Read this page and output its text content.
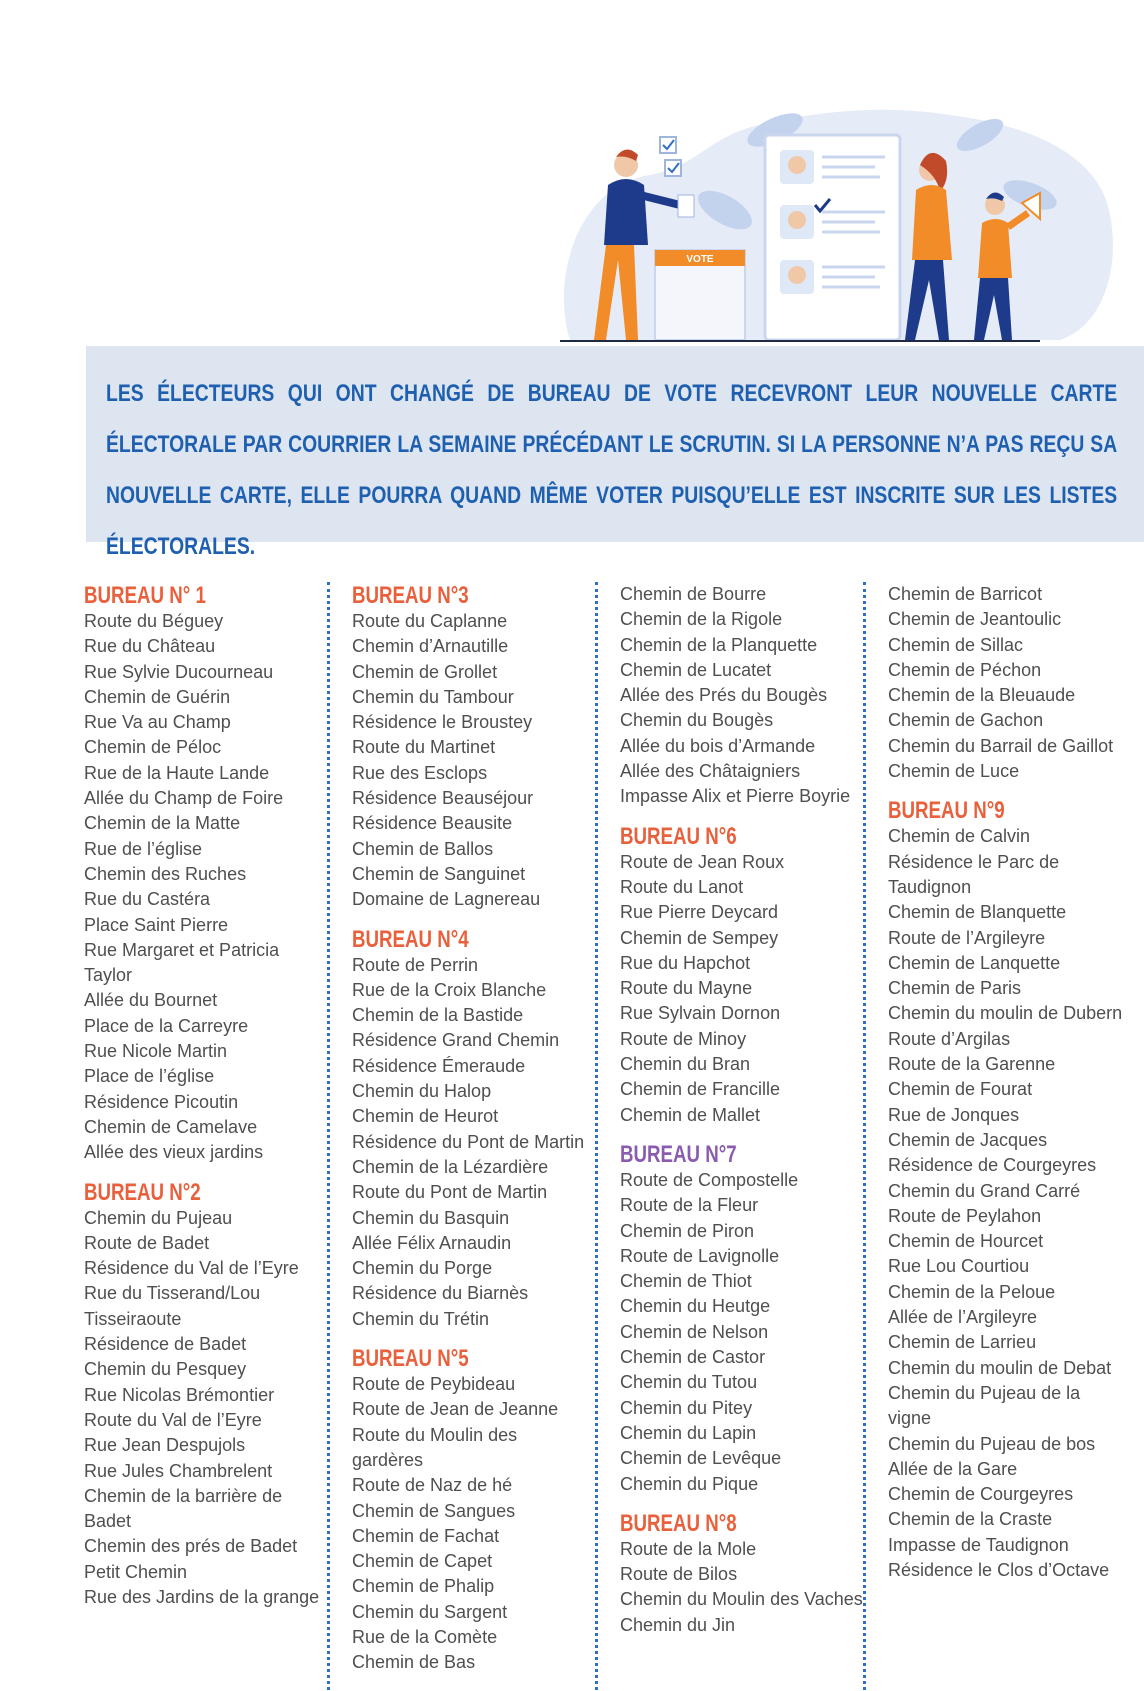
VOTE

LES ÉLECTEURS QUI ONT CHANGÉ DE BUREAU DE VOTE RECEVRONT LEUR NOUVELLE CARTE ÉLECTORALE PAR COURRIER LA SEMAINE PRÉCÉDANT LE SCRUTIN. SI LA PERSONNE N’A PAS REÇU SA NOUVELLE CARTE, ELLE POURRA QUAND MÊME VOTER PUISQU’ELLE EST INSCRITE SUR LES LISTES ÉLECTORALES.

BUREAU N° 1
Route du Béguey
Rue du Château
Rue Sylvie Ducourneau
Chemin de Guérin
Rue Va au Champ
Chemin de Péloc
Rue de la Haute Lande
Allée du Champ de Foire
Chemin de la Matte
Rue de l’église
Chemin des Ruches
Rue du Castéra
Place Saint Pierre
Rue Margaret et Patricia Taylor
Allée du Bournet
Place de la Carreyre
Rue Nicole Martin
Place de l’église
Résidence Picoutin
Chemin de Camelave
Allée des vieux jardins
BUREAU N°2
Chemin du Pujeau
Route de Badet
Résidence du Val de l’Eyre
Rue du Tisserand/Lou Tisseiraoute
Résidence de Badet
Chemin du Pesquey
Rue Nicolas Brémontier
Route du Val de l’Eyre
Rue Jean Despujols
Rue Jules Chambrelent
Chemin de la barrière de Badet
Chemin des prés de Badet
Petit Chemin
Rue des Jardins de la grange
BUREAU N°3
Route du Caplanne
Chemin d’Arnautille
Chemin de Grollet
Chemin du Tambour
Résidence le Broustey
Route du Martinet
Rue des Esclops
Résidence Beauséjour
Résidence Beausite
Chemin de Ballos
Chemin de Sanguinet
Domaine de Lagnereau
BUREAU N°4
Route de Perrin
Rue de la Croix Blanche
Chemin de la Bastide
Résidence Grand Chemin
Résidence Émeraude
Chemin du Halop
Chemin de Heurot
Résidence du Pont de Martin
Chemin de la Lézardière
Route du Pont de Martin
Chemin du Basquin
Allée Félix Arnaudin
Chemin du Porge
Résidence du Biarnès
Chemin du Trétin
BUREAU N°5
Route de Peybideau
Route de Jean de Jeanne
Route du Moulin des gardères
Route de Naz de hé
Chemin de Sangues
Chemin de Fachat
Chemin de Capet
Chemin de Phalip
Chemin du Sargent
Rue de la Comète
Chemin de Bas
Chemin de Bourre
Chemin de la Rigole
Chemin de la Planquette
Chemin de Lucatet
Allée des Prés du Bougès
Chemin du Bougès
Allée du bois d’Armande
Allée des Châtaigniers
Impasse Alix et Pierre Boyrie
BUREAU N°6
Route de Jean Roux
Route du Lanot
Rue Pierre Deycard
Chemin de Sempey
Rue du Hapchot
Route du Mayne
Rue Sylvain Dornon
Route de Minoy
Chemin du Bran
Chemin de Francille
Chemin de Mallet
BUREAU N°7
Route de Compostelle
Route de la Fleur
Chemin de Piron
Route de Lavignolle
Chemin de Thiot
Chemin du Heutge
Chemin de Nelson
Chemin de Castor
Chemin du Tutou
Chemin du Pitey
Chemin du Lapin
Chemin de Levêque
Chemin du Pique
BUREAU N°8
Route de la Mole
Route de Bilos
Chemin du Moulin des Vaches
Chemin du Jin
Chemin de Barricot
Chemin de Jeantoulic
Chemin de Sillac
Chemin de Péchon
Chemin de la Bleuaude
Chemin de Gachon
Chemin du Barrail de Gaillot
Chemin de Luce
BUREAU N°9
Chemin de Calvin
Résidence le Parc de Taudignon
Chemin de Blanquette
Route de l’Argileyre
Chemin de Lanquette
Chemin de Paris
Chemin du moulin de Dubern
Route d’Argilas
Route de la Garenne
Chemin de Fourat
Rue de Jonques
Chemin de Jacques
Résidence de Courgeyres
Chemin du Grand Carré
Route de Peylahon
Chemin de Hourcet
Rue Lou Courtiou
Chemin de la Peloue
Allée de l’Argileyre
Chemin de Larrieu
Chemin du moulin de Debat
Chemin du Pujeau de la vigne
Chemin du Pujeau de bos
Allée de la Gare
Chemin de Courgeyres
Chemin de la Craste
Impasse de Taudignon
Résidence le Clos d’Octave
